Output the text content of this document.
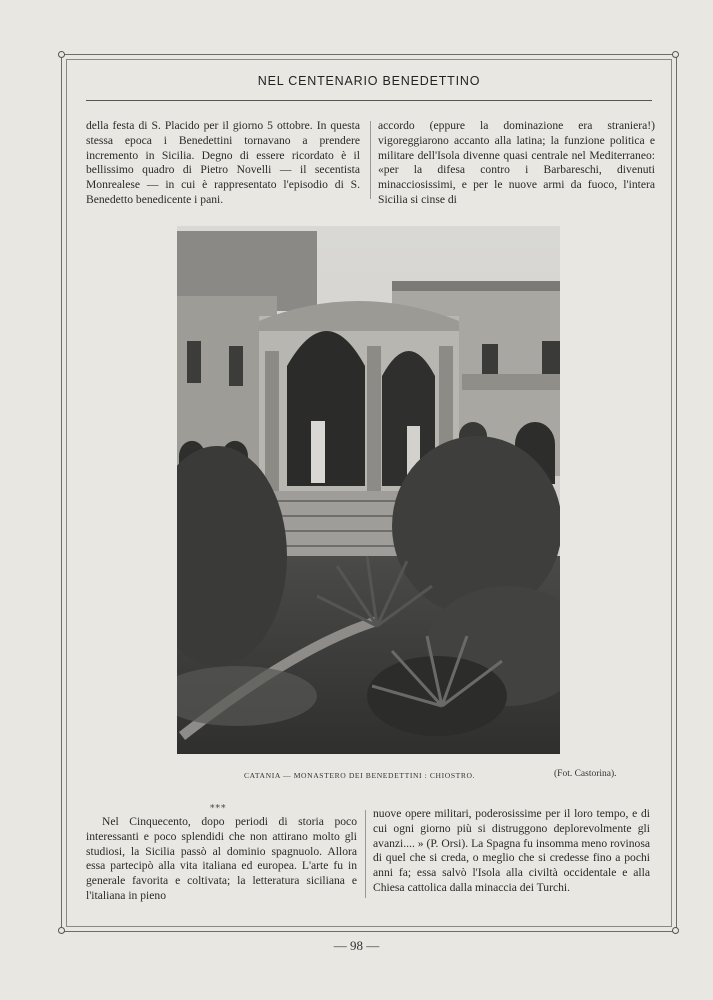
NEL CENTENARIO BENEDETTINO

della festa di S. Placido per il giorno 5 ottobre. In questa stessa epoca i Benedettini tornavano a prendere incremento in Sicilia. Degno di essere ricordato è il bellissimo quadro di Pietro Novelli — il secentista Monrealese — in cui è rappresentato l'episodio di S. Benedetto benedicente i pani.

accordo (eppure la dominazione era straniera!) vigoreggiarono accanto alla latina; la funzione politica e militare dell'Isola divenne quasi centrale nel Mediterraneo: «per la difesa contro i Barbareschi, divenuti minacciosissimi, e per le nuove armi da fuoco, l'intera Sicilia si cinse di

CATANIA — MONASTERO DEI BENEDETTINI : CHIOSTRO.	(Fot. Castorina).
***

Nel Cinquecento, dopo periodi di storia poco interessanti e poco splendidi che non attirano molto gli studiosi, la Sicilia passò al dominio spagnuolo. Allora essa partecipò alla vita italiana ed europea. L'arte fu in generale favorita e coltivata; la letteratura siciliana e l'italiana in pieno

nuove opere militari, poderosissime per il loro tempo, e di cui ogni giorno più si distruggono deplorevolmente gli avanzi.... » (P. Orsi). La Spagna fu insomma meno rovinosa di quel che si creda, o meglio che si credesse fino a pochi anni fa; essa salvò l'Isola alla civiltà occidentale e alla Chiesa cattolica dalla minaccia dei Turchi.

— 98 —
